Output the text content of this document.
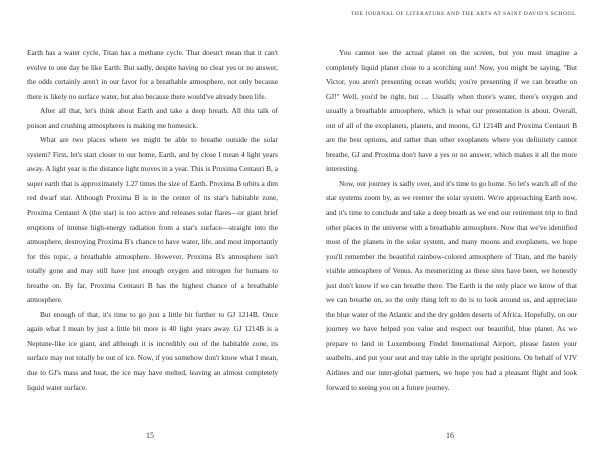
THE JOURNAL OF LITERATURE AND THE ARTS AT SAINT DAVID'S SCHOOL

Earth has a water cycle, Titan has a methane cycle. That doesn't mean that it can't evolve to one day be like Earth. But sadly, despite having no clear yes or no answer, the odds certainly aren't in our favor for a breathable atmosphere, not only because there is likely no surface water, but also because there would've already been life.

After all that, let's think about Earth and take a deep breath. All this talk of poison and crushing atmospheres is making me homesick.

What are two places where we might be able to breathe outside the solar system? First, let's start closer to our home, Earth, and by close I mean 4 light years away. A light year is the distance light moves in a year. This is Proxima Centauri B, a super earth that is approximately 1.27 times the size of Earth. Proxima B orbits a dim red dwarf star. Although Proxima B is in the center of its star's habitable zone, Proxima Centauri A (the star) is too active and releases solar flares—or giant brief eruptions of intense high-energy radiation from a star's surface—straight into the atmosphere, destroying Proxima B's chance to have water, life, and most importantly for this topic, a breathable atmosphere. However, Proxima B's atmosphere isn't totally gone and may still have just enough oxygen and nitrogen for humans to breathe on. By far, Proxima Centauri B has the highest chance of a breathable atmosphere.

But enough of that, it's time to go just a little bit further to GJ 1214B. Once again what I mean by just a little bit more is 40 light years away. GJ 1214B is a Neptune-like ice giant, and although it is incredibly out of the habitable zone, its surface may not totally be out of ice. Now, if you somehow don't know what I mean, due to GJ's mass and heat, the ice may have melted, leaving an almost completely liquid water surface.

You cannot see the actual planet on the screen, but you must imagine a completely liquid planet close to a scorching sun! Now, you might be saying, "But Victor, you aren't presenting ocean worlds; you're presenting if we can breathe on GJ!" Well, you'd be right, but … Usually when there's water, there's oxygen and usually a breathable atmosphere, which is what our presentation is about. Overall, out of all of the exoplanets, planets, and moons, GJ 1214B and Proxima Centauri B are the best options, and rather than other exoplanets where you definitely cannot breathe, GJ and Proxima don't have a yes or no answer, which makes it all the more interesting.

Now, our journey is sadly over, and it's time to go home. So let's watch all of the star systems zoom by, as we reenter the solar system. We're approaching Earth now, and it's time to conclude and take a deep breath as we end our retirement trip to find other places in the universe with a breathable atmosphere. Now that we've identified most of the planets in the solar system, and many moons and exoplanets, we hope you'll remember the beautiful rainbow-colored atmosphere of Titan, and the barely visible atmosphere of Venus. As mesmerizing as these sites have been, we honestly just don't know if we can breathe there. The Earth is the only place we know of that we can breathe on, so the only thing left to do is to look around us, and appreciate the blue water of the Atlantic and the dry golden deserts of Africa. Hopefully, on our journey we have helped you value and respect our beautiful, blue planet. As we prepare to land in Luxembourg Findel International Airport, please fasten your seatbelts, and put your seat and tray table in the upright positions. On behalf of VJV Airlines and our inter-global partners, we hope you had a pleasant flight and look forward to seeing you on a future journey.

15	16
